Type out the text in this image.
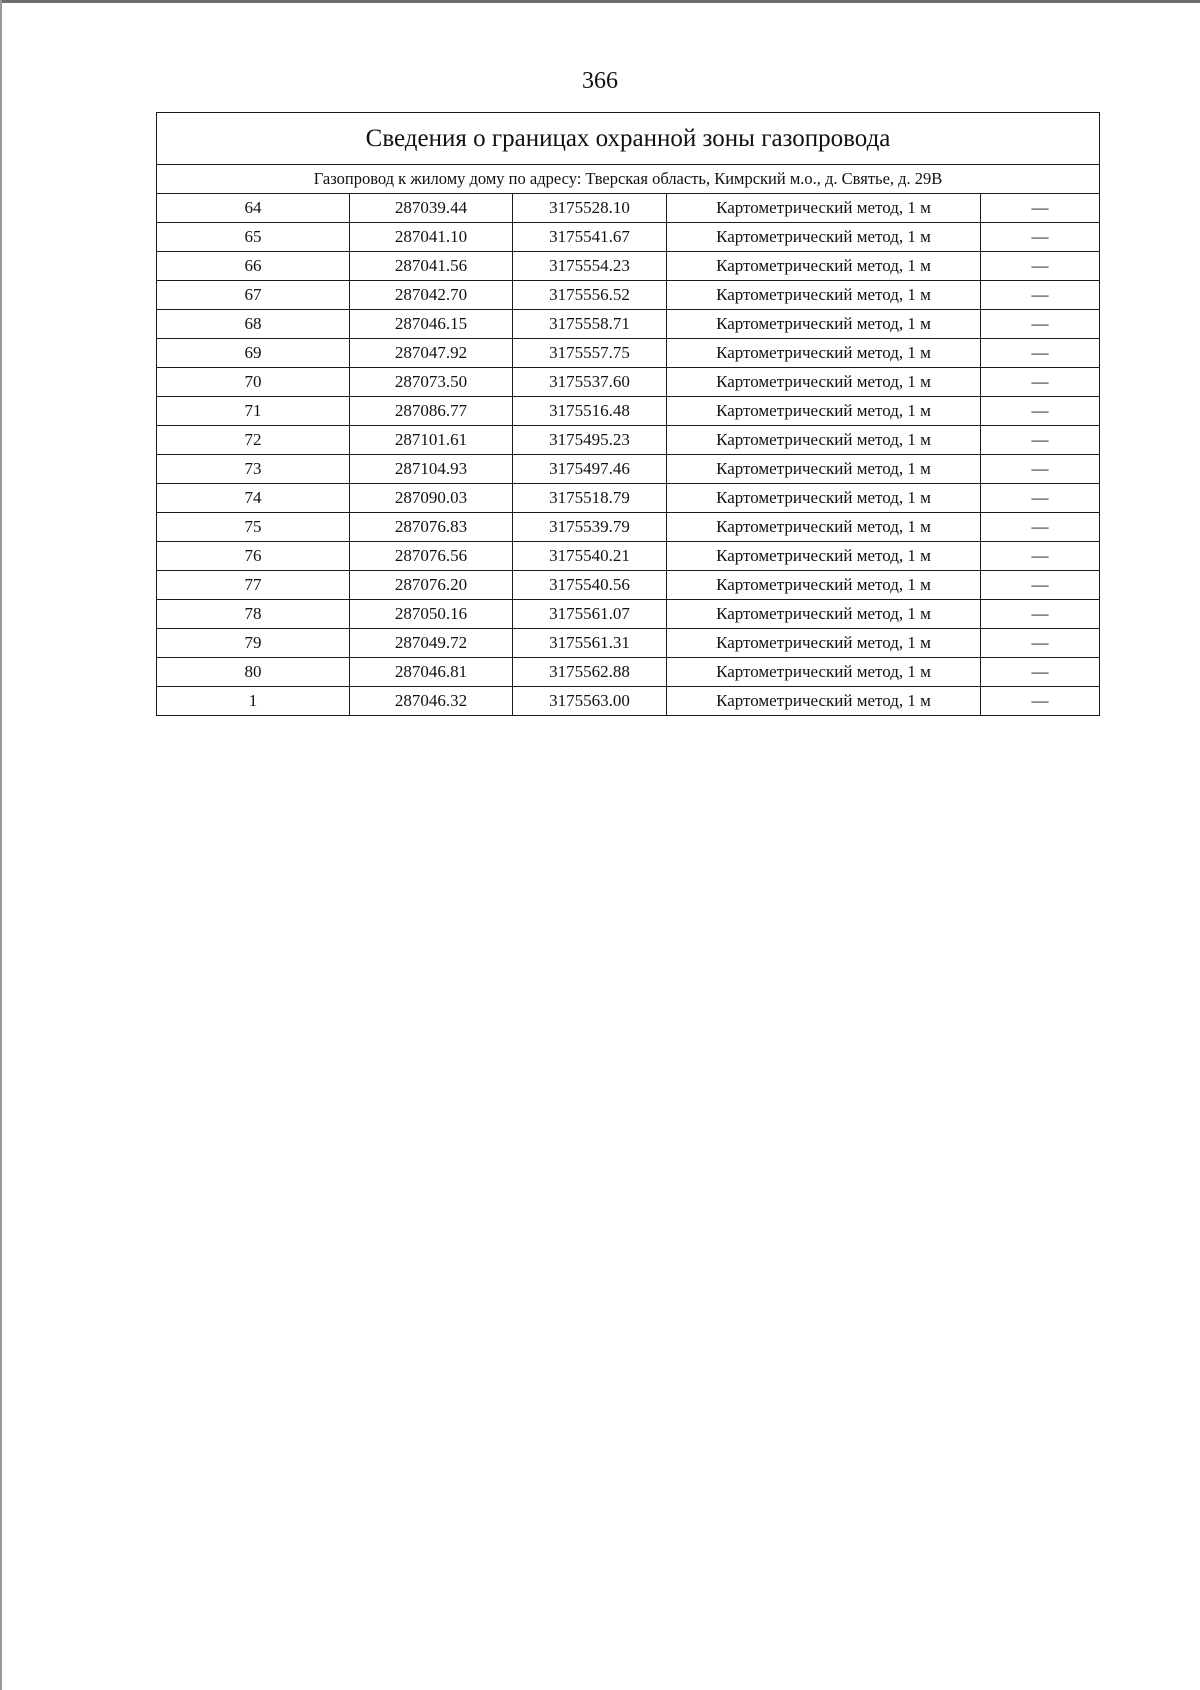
366
Сведения о границах охранной зоны газопровода				
Газопровод к жилому дому по адресу: Тверская область, Кимрский м.о., д. Святье, д. 29В				
64	287039.44	3175528.10	Картометрический метод, 1 м	—
65	287041.10	3175541.67	Картометрический метод, 1 м	—
66	287041.56	3175554.23	Картометрический метод, 1 м	—
67	287042.70	3175556.52	Картометрический метод, 1 м	—
68	287046.15	3175558.71	Картометрический метод, 1 м	—
69	287047.92	3175557.75	Картометрический метод, 1 м	—
70	287073.50	3175537.60	Картометрический метод, 1 м	—
71	287086.77	3175516.48	Картометрический метод, 1 м	—
72	287101.61	3175495.23	Картометрический метод, 1 м	—
73	287104.93	3175497.46	Картометрический метод, 1 м	—
74	287090.03	3175518.79	Картометрический метод, 1 м	—
75	287076.83	3175539.79	Картометрический метод, 1 м	—
76	287076.56	3175540.21	Картометрический метод, 1 м	—
77	287076.20	3175540.56	Картометрический метод, 1 м	—
78	287050.16	3175561.07	Картометрический метод, 1 м	—
79	287049.72	3175561.31	Картометрический метод, 1 м	—
80	287046.81	3175562.88	Картометрический метод, 1 м	—
1	287046.32	3175563.00	Картометрический метод, 1 м	—
